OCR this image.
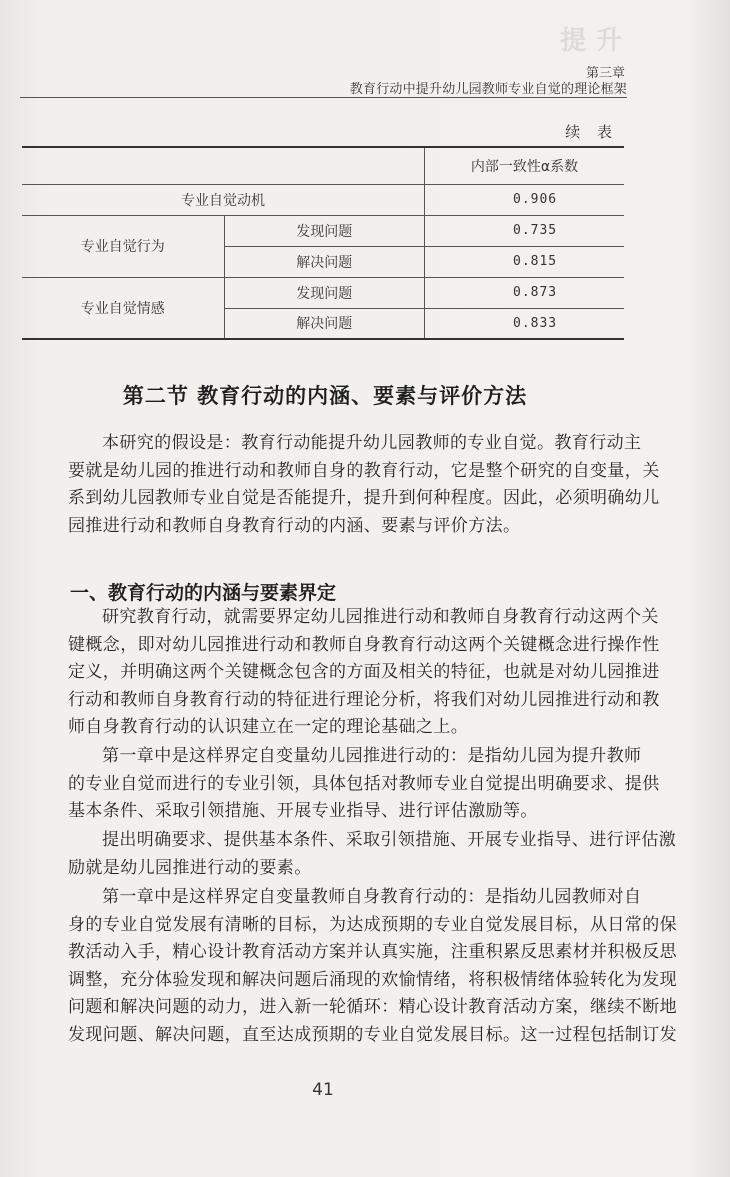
提升
第三章
教育行动中提升幼儿园教师专业自觉的理论框架
续 表
		内部一致性α系数
专业自觉动机		0.906
专业自觉行为	发现问题	0.735
	解决问题	0.815
专业自觉情感	发现问题	0.873
	解决问题	0.833
第二节 教育行动的内涵、要素与评价方法
本研究的假设是：教育行动能提升幼儿园教师的专业自觉。教育行动主
要就是幼儿园的推进行动和教师自身的教育行动，它是整个研究的自变量，关
系到幼儿园教师专业自觉是否能提升，提升到何种程度。因此，必须明确幼儿
园推进行动和教师自身教育行动的内涵、要素与评价方法。
一、教育行动的内涵与要素界定
研究教育行动，就需要界定幼儿园推进行动和教师自身教育行动这两个关
键概念，即对幼儿园推进行动和教师自身教育行动这两个关键概念进行操作性
定义，并明确这两个关键概念包含的方面及相关的特征，也就是对幼儿园推进
行动和教师自身教育行动的特征进行理论分析，将我们对幼儿园推进行动和教
师自身教育行动的认识建立在一定的理论基础之上。
第一章中是这样界定自变量幼儿园推进行动的：是指幼儿园为提升教师
的专业自觉而进行的专业引领，具体包括对教师专业自觉提出明确要求、提供
基本条件、采取引领措施、开展专业指导、进行评估激励等。
提出明确要求、提供基本条件、采取引领措施、开展专业指导、进行评估激
励就是幼儿园推进行动的要素。
第一章中是这样界定自变量教师自身教育行动的：是指幼儿园教师对自
身的专业自觉发展有清晰的目标，为达成预期的专业自觉发展目标，从日常的保
教活动入手，精心设计教育活动方案并认真实施，注重积累反思素材并积极反思
调整，充分体验发现和解决问题后涌现的欢愉情绪，将积极情绪体验转化为发现
问题和解决问题的动力，进入新一轮循环：精心设计教育活动方案，继续不断地
发现问题、解决问题，直至达成预期的专业自觉发展目标。这一过程包括制订发
41
